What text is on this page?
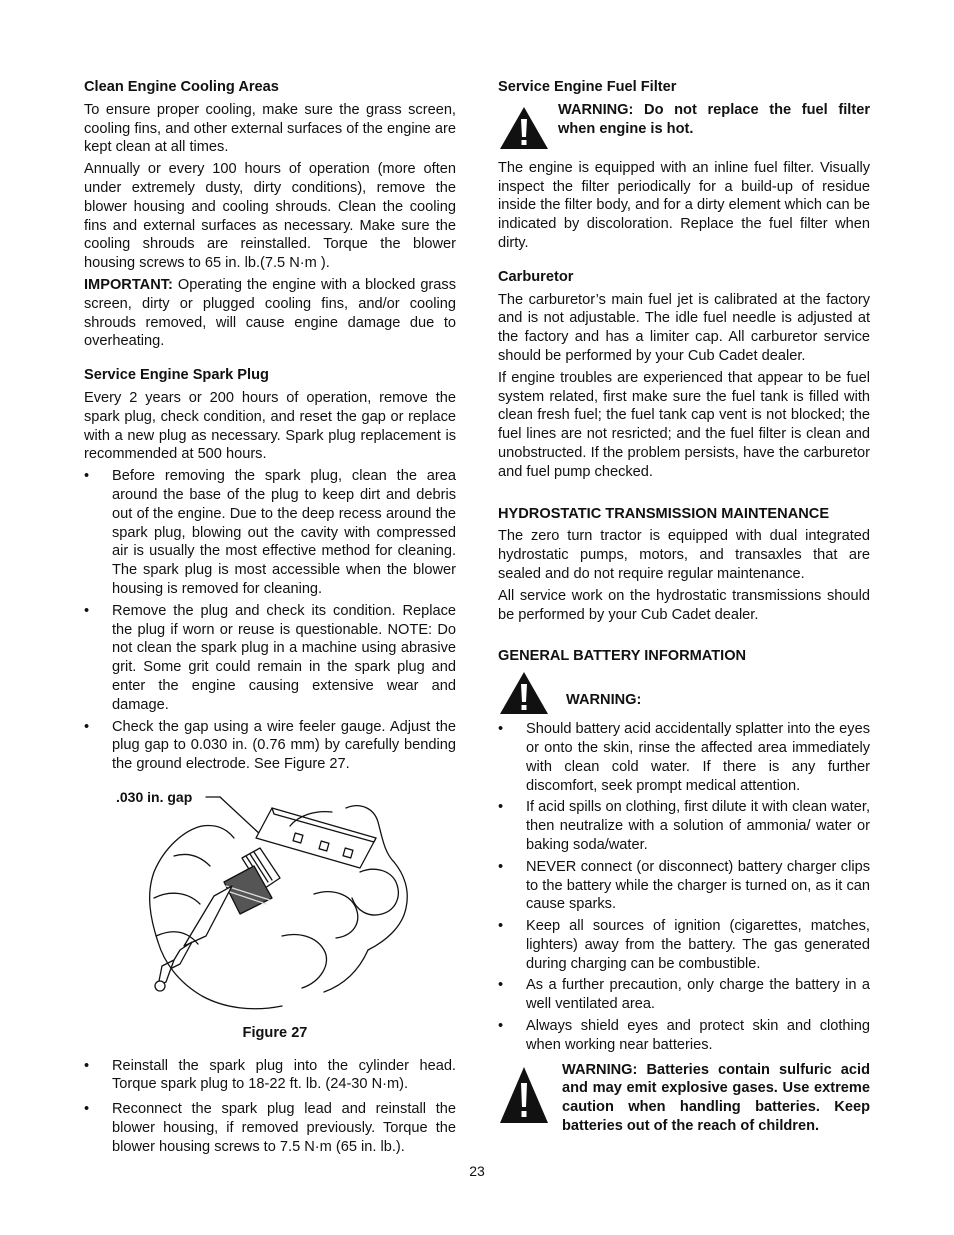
Clean Engine Cooling Areas

To ensure proper cooling, make sure the grass screen, cooling fins, and other external surfaces of the engine are kept clean at all times.

Annually or every 100 hours of operation (more often under extremely dusty, dirty conditions), remove the blower housing and cooling shrouds. Clean the cooling fins and external surfaces as necessary. Make sure the cooling shrouds are reinstalled. Torque the blower housing screws to 65 in. lb.(7.5 N·m ).

IMPORTANT: Operating the engine with a blocked grass screen, dirty or plugged cooling fins, and/or cooling shrouds removed, will cause engine damage due to overheating.

Service Engine Spark Plug

Every 2 years or 200 hours of operation, remove the spark plug, check condition, and reset the gap or replace with a new plug as necessary. Spark plug replacement is recommended at 500 hours.

• Before removing the spark plug, clean the area around the base of the plug to keep dirt and debris out of the engine. Due to the deep recess around the spark plug, blowing out the cavity with compressed air is usually the most effective method for cleaning. The spark plug is most accessible when the blower housing is removed for cleaning.
• Remove the plug and check its condition. Replace the plug if worn or reuse is questionable. NOTE: Do not clean the spark plug in a machine using abrasive grit. Some grit could remain in the spark plug and enter the engine causing extensive wear and damage.
• Check the gap using a wire feeler gauge. Adjust the plug gap to 0.030 in. (0.76 mm) by carefully bending the ground electrode. See Figure 27.
.030 in. gap
Figure 27
• Reinstall the spark plug into the cylinder head. Torque spark plug to 18-22 ft. lb. (24-30 N·m).
• Reconnect the spark plug lead and reinstall the blower housing, if removed previously. Torque the blower housing screws to 7.5 N·m (65 in. lb.).
Service Engine Fuel Filter
WARNING: Do not replace the fuel filter when engine is hot.

The engine is equipped with an inline fuel filter. Visually inspect the filter periodically for a build-up of residue inside the filter body, and for a dirty element which can be indicated by discoloration. Replace the fuel filter when dirty.

Carburetor

The carburetor’s main fuel jet is calibrated at the factory and is not adjustable. The idle fuel needle is adjusted at the factory and has a limiter cap. All carburetor service should be performed by your Cub Cadet dealer.

If engine troubles are experienced that appear to be fuel system related, first make sure the fuel tank is filled with clean fresh fuel; the fuel tank cap vent is not blocked; the fuel lines are not resricted; and the fuel filter is clean and unobstructed. If the problem persists, have the carburetor and fuel pump checked.

HYDROSTATIC TRANSMISSION MAINTENANCE

The zero turn tractor is equipped with dual integrated hydrostatic pumps, motors, and transaxles that are sealed and do not require regular maintenance.

All service work on the hydrostatic transmissions should be performed by your Cub Cadet dealer.

GENERAL BATTERY INFORMATION
WARNING:
• Should battery acid accidentally splatter into the eyes or onto the skin, rinse the affected area immediately with clean cold water. If there is any further discomfort, seek prompt medical attention.
• If acid spills on clothing, first dilute it with clean water, then neutralize with a solution of ammonia/ water or baking soda/water.
• NEVER connect (or disconnect) battery charger clips to the battery while the charger is turned on, as it can cause sparks.
• Keep all sources of ignition (cigarettes, matches, lighters) away from the battery. The gas generated during charging can be combustible.
• As a further precaution, only charge the battery in a well ventilated area.
• Always shield eyes and protect skin and clothing when working near batteries.
WARNING: Batteries contain sulfuric acid and may emit explosive gases. Use extreme caution when handling batteries. Keep batteries out of the reach of children.
23
